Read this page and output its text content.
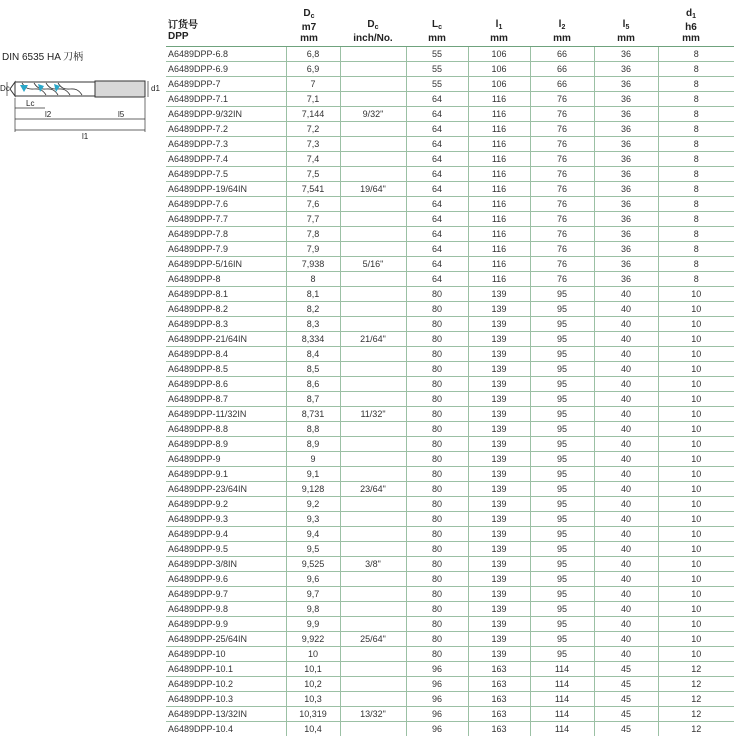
DIN 6535 HA 刀柄
Dc	d1
Lc
l2	l5
l1
订货号
DPP
$D_c$
m7
mm
$D_c$
inch/No.
$L_c$
mm
$l_1$
mm
$l_2$
mm
$l_5$
mm
$d_1$
h6
mm
A6489DPP-6.8	6,8		55	106	66	36	8
A6489DPP-6.9	6,9		55	106	66	36	8
A6489DPP-7	7		55	106	66	36	8
A6489DPP-7.1	7,1		64	116	76	36	8
A6489DPP-9/32IN	7,144	9/32"	64	116	76	36	8
A6489DPP-7.2	7,2		64	116	76	36	8
A6489DPP-7.3	7,3		64	116	76	36	8
A6489DPP-7.4	7,4		64	116	76	36	8
A6489DPP-7.5	7,5		64	116	76	36	8
A6489DPP-19/64IN	7,541	19/64"	64	116	76	36	8
A6489DPP-7.6	7,6		64	116	76	36	8
A6489DPP-7.7	7,7		64	116	76	36	8
A6489DPP-7.8	7,8		64	116	76	36	8
A6489DPP-7.9	7,9		64	116	76	36	8
A6489DPP-5/16IN	7,938	5/16"	64	116	76	36	8
A6489DPP-8	8		64	116	76	36	8
A6489DPP-8.1	8,1		80	139	95	40	10
A6489DPP-8.2	8,2		80	139	95	40	10
A6489DPP-8.3	8,3		80	139	95	40	10
A6489DPP-21/64IN	8,334	21/64"	80	139	95	40	10
A6489DPP-8.4	8,4		80	139	95	40	10
A6489DPP-8.5	8,5		80	139	95	40	10
A6489DPP-8.6	8,6		80	139	95	40	10
A6489DPP-8.7	8,7		80	139	95	40	10
A6489DPP-11/32IN	8,731	11/32"	80	139	95	40	10
A6489DPP-8.8	8,8		80	139	95	40	10
A6489DPP-8.9	8,9		80	139	95	40	10
A6489DPP-9	9		80	139	95	40	10
A6489DPP-9.1	9,1		80	139	95	40	10
A6489DPP-23/64IN	9,128	23/64"	80	139	95	40	10
A6489DPP-9.2	9,2		80	139	95	40	10
A6489DPP-9.3	9,3		80	139	95	40	10
A6489DPP-9.4	9,4		80	139	95	40	10
A6489DPP-9.5	9,5		80	139	95	40	10
A6489DPP-3/8IN	9,525	3/8"	80	139	95	40	10
A6489DPP-9.6	9,6		80	139	95	40	10
A6489DPP-9.7	9,7		80	139	95	40	10
A6489DPP-9.8	9,8		80	139	95	40	10
A6489DPP-9.9	9,9		80	139	95	40	10
A6489DPP-25/64IN	9,922	25/64"	80	139	95	40	10
A6489DPP-10	10		80	139	95	40	10
A6489DPP-10.1	10,1		96	163	114	45	12
A6489DPP-10.2	10,2		96	163	114	45	12
A6489DPP-10.3	10,3		96	163	114	45	12
A6489DPP-13/32IN	10,319	13/32"	96	163	114	45	12
A6489DPP-10.4	10,4		96	163	114	45	12
